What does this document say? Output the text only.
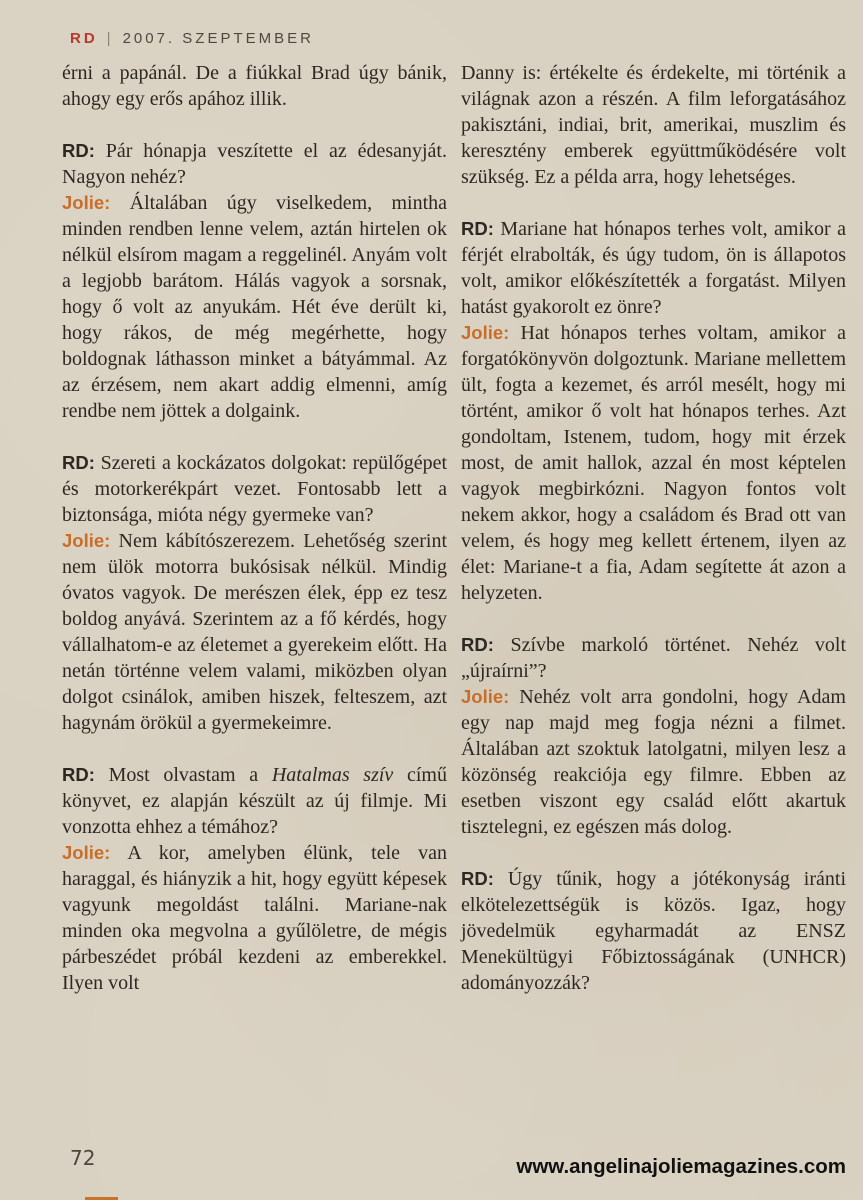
RD | 2007. SZEPTEMBER

érni a papánál. De a fiúkkal Brad úgy bánik, ahogy egy erős apához illik.

RD: Pár hónapja veszítette el az édesanyját. Nagyon nehéz?

Jolie: Általában úgy viselkedem, mintha minden rendben lenne velem, aztán hirtelen ok nélkül elsírom magam a reggelinél. Anyám volt a legjobb barátom. Hálás vagyok a sorsnak, hogy ő volt az anyukám. Hét éve derült ki, hogy rákos, de még megérhette, hogy boldognak láthasson minket a bátyámmal. Az az érzésem, nem akart addig elmenni, amíg rendbe nem jöttek a dolgaink.

RD: Szereti a kockázatos dolgokat: repülőgépet és motorkerékpárt vezet. Fontosabb lett a biztonsága, mióta négy gyermeke van?

Jolie: Nem kábítószerezem. Lehetőség szerint nem ülök motorra bukósisak nélkül. Mindig óvatos vagyok. De merészen élek, épp ez tesz boldog anyává. Szerintem az a fő kérdés, hogy vállalhatom-e az életemet a gyerekeim előtt. Ha netán történne velem valami, miközben olyan dolgot csinálok, amiben hiszek, felteszem, azt hagynám örökül a gyermekeimre.

RD: Most olvastam a Hatalmas szív című könyvet, ez alapján készült az új filmje. Mi vonzotta ehhez a témához?

Jolie: A kor, amelyben élünk, tele van haraggal, és hiányzik a hit, hogy együtt képesek vagyunk megoldást találni. Mariane-nak minden oka megvolna a gyűlöletre, de mégis párbeszédet próbál kezdeni az emberekkel. Ilyen volt

Danny is: értékelte és érdekelte, mi történik a világnak azon a részén. A film leforgatásához pakisztáni, indiai, brit, amerikai, muszlim és keresztény emberek együttműködésére volt szükség. Ez a példa arra, hogy lehetséges.

RD: Mariane hat hónapos terhes volt, amikor a férjét elrabolták, és úgy tudom, ön is állapotos volt, amikor előkészítették a forgatást. Milyen hatást gyakorolt ez önre?

Jolie: Hat hónapos terhes voltam, amikor a forgatókönyvön dolgoztunk. Mariane mellettem ült, fogta a kezemet, és arról mesélt, hogy mi történt, amikor ő volt hat hónapos terhes. Azt gondoltam, Istenem, tudom, hogy mit érzek most, de amit hallok, azzal én most képtelen vagyok megbirkózni. Nagyon fontos volt nekem akkor, hogy a családom és Brad ott van velem, és hogy meg kellett értenem, ilyen az élet: Mariane-t a fia, Adam segítette át azon a helyzeten.

RD: Szívbe markoló történet. Nehéz volt „újraírni”?

Jolie: Nehéz volt arra gondolni, hogy Adam egy nap majd meg fogja nézni a filmet. Általában azt szoktuk latolgatni, milyen lesz a közönség reakciója egy filmre. Ebben az esetben viszont egy család előtt akartuk tisztelegni, ez egészen más dolog.

RD: Úgy tűnik, hogy a jótékonyság iránti elkötelezettségük is közös. Igaz, hogy jövedelmük egyharmadát az ENSZ Menekültügyi Főbiztosságának (UNHCR) adományozzák?

72	www.angelinajoliemagazines.com
